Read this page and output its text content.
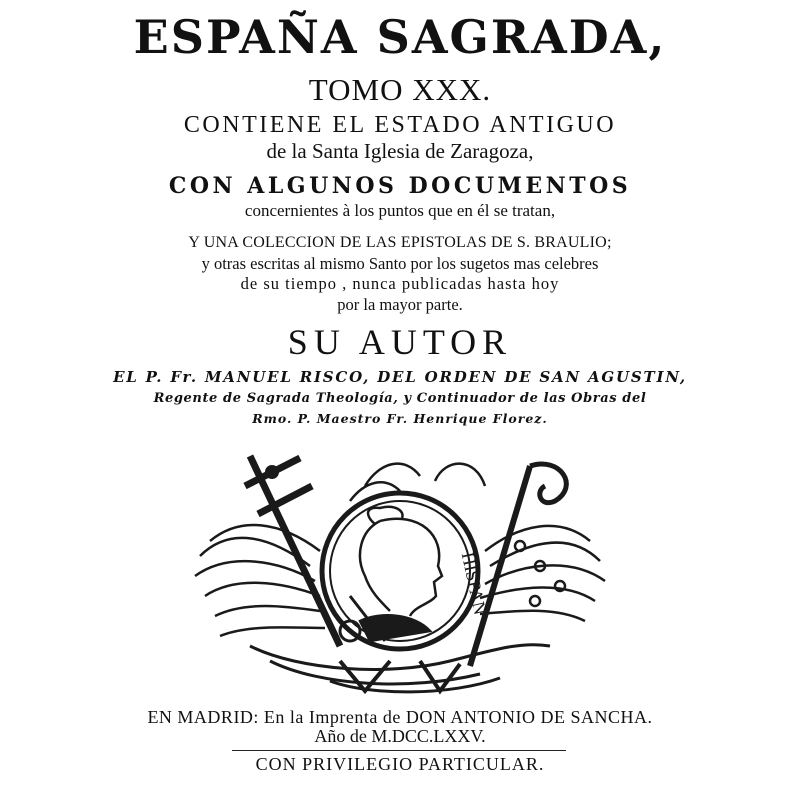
ESPAÑA SAGRADA,
TOMO XXX.
CONTIENE EL ESTADO ANTIGUO
de la Santa Iglesia de Zaragoza,
CON ALGUNOS DOCUMENTOS
concernientes à los puntos que en él se tratan,
Y UNA COLECCION DE LAS EPISTOLAS DE S. BRAULIO;
y otras escritas al mismo Santo por los sugetos mas celebres
de su tiempo , nunca publicadas hasta hoy
por la mayor parte.
SU AUTOR
EL P. Fr. MANUEL RISCO, DEL ORDEN DE SAN AGUSTIN,
Regente de Sagrada Theología, y Continuador de las Obras del
Rmo. P. Maestro Fr. Henrique Florez.
HISPAN
EN MADRID: En la Imprenta de DON ANTONIO DE SANCHA.
Año de M.DCC.LXXV.
CON PRIVILEGIO PARTICULAR.
